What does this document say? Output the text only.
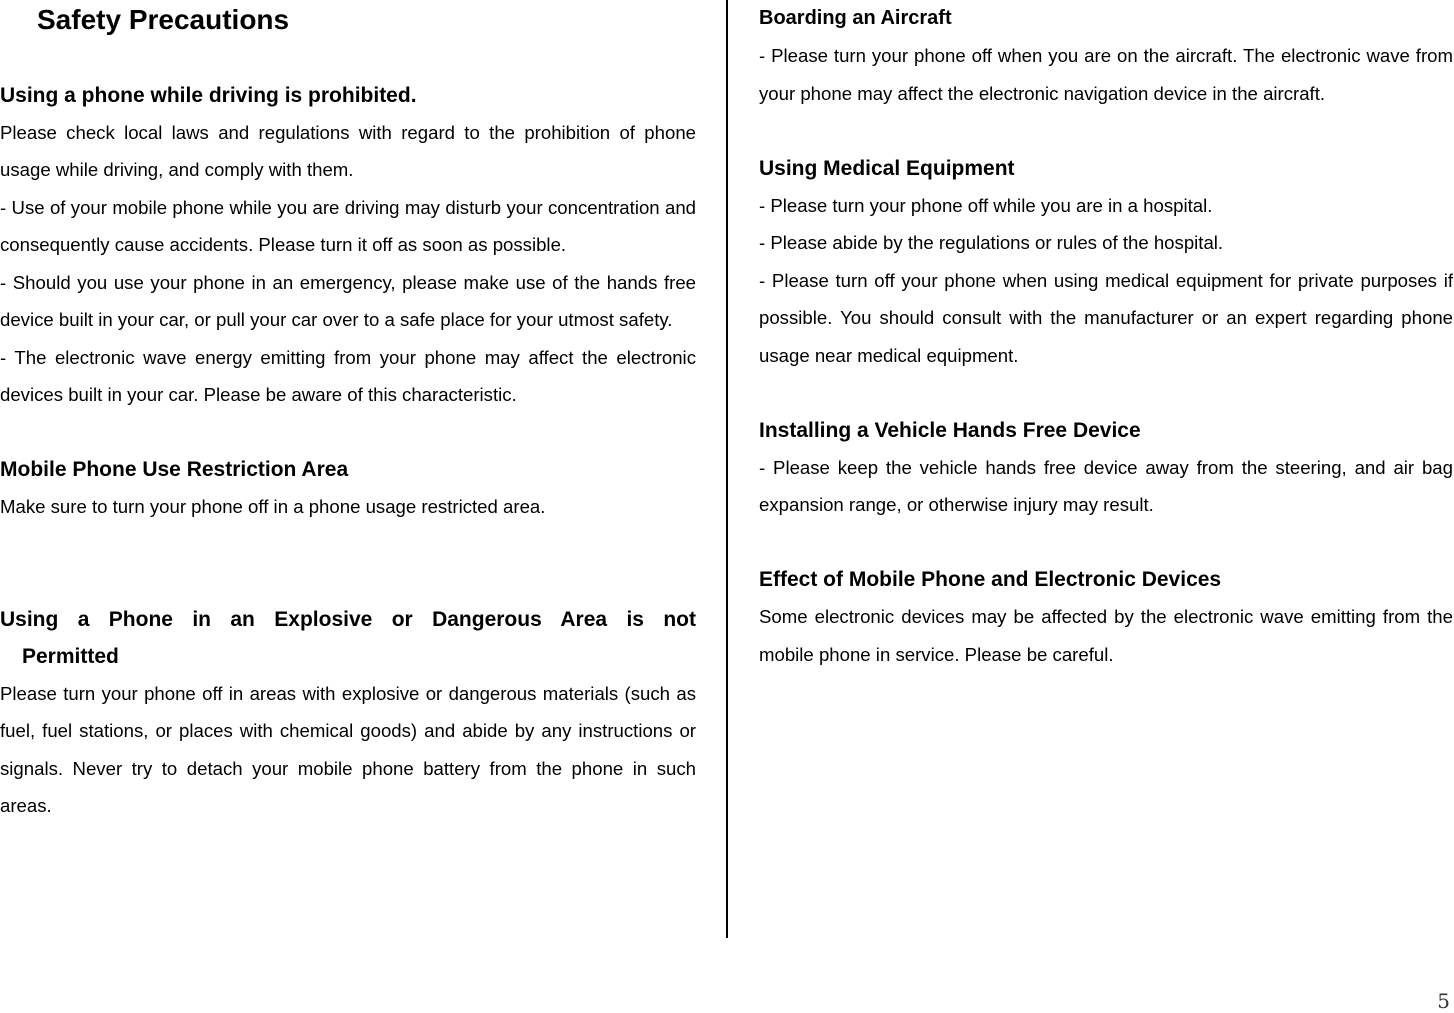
Safety Precautions
Using a phone while driving is prohibited.

Please check local laws and regulations with regard to the prohibition of phone usage while driving, and comply with them.

- Use of your mobile phone while you are driving may disturb your concentration and consequently cause accidents. Please turn it off as soon as possible.

- Should you use your phone in an emergency, please make use of the hands free device built in your car, or pull your car over to a safe place for your utmost safety.

- The electronic wave energy emitting from your phone may affect the electronic devices built in your car. Please be aware of this characteristic.

Mobile Phone Use Restriction Area

Make sure to turn your phone off in a phone usage restricted area.

Using a Phone in an Explosive or Dangerous Area is not
Permitted

Please turn your phone off in areas with explosive or dangerous materials (such as fuel, fuel stations, or places with chemical goods) and abide by any instructions or signals. Never try to detach your mobile phone battery from the phone in such areas.

Boarding an Aircraft

- Please turn your phone off when you are on the aircraft. The electronic wave from your phone may affect the electronic navigation device in the aircraft.

Using Medical Equipment

- Please turn your phone off while you are in a hospital.

- Please abide by the regulations or rules of the hospital.

- Please turn off your phone when using medical equipment for private purposes if possible. You should consult with the manufacturer or an expert regarding phone usage near medical equipment.

Installing a Vehicle Hands Free Device

- Please keep the vehicle hands free device away from the steering, and air bag expansion range, or otherwise injury may result.

Effect of Mobile Phone and Electronic Devices

Some electronic devices may be affected by the electronic wave emitting from the mobile phone in service. Please be careful.

5
